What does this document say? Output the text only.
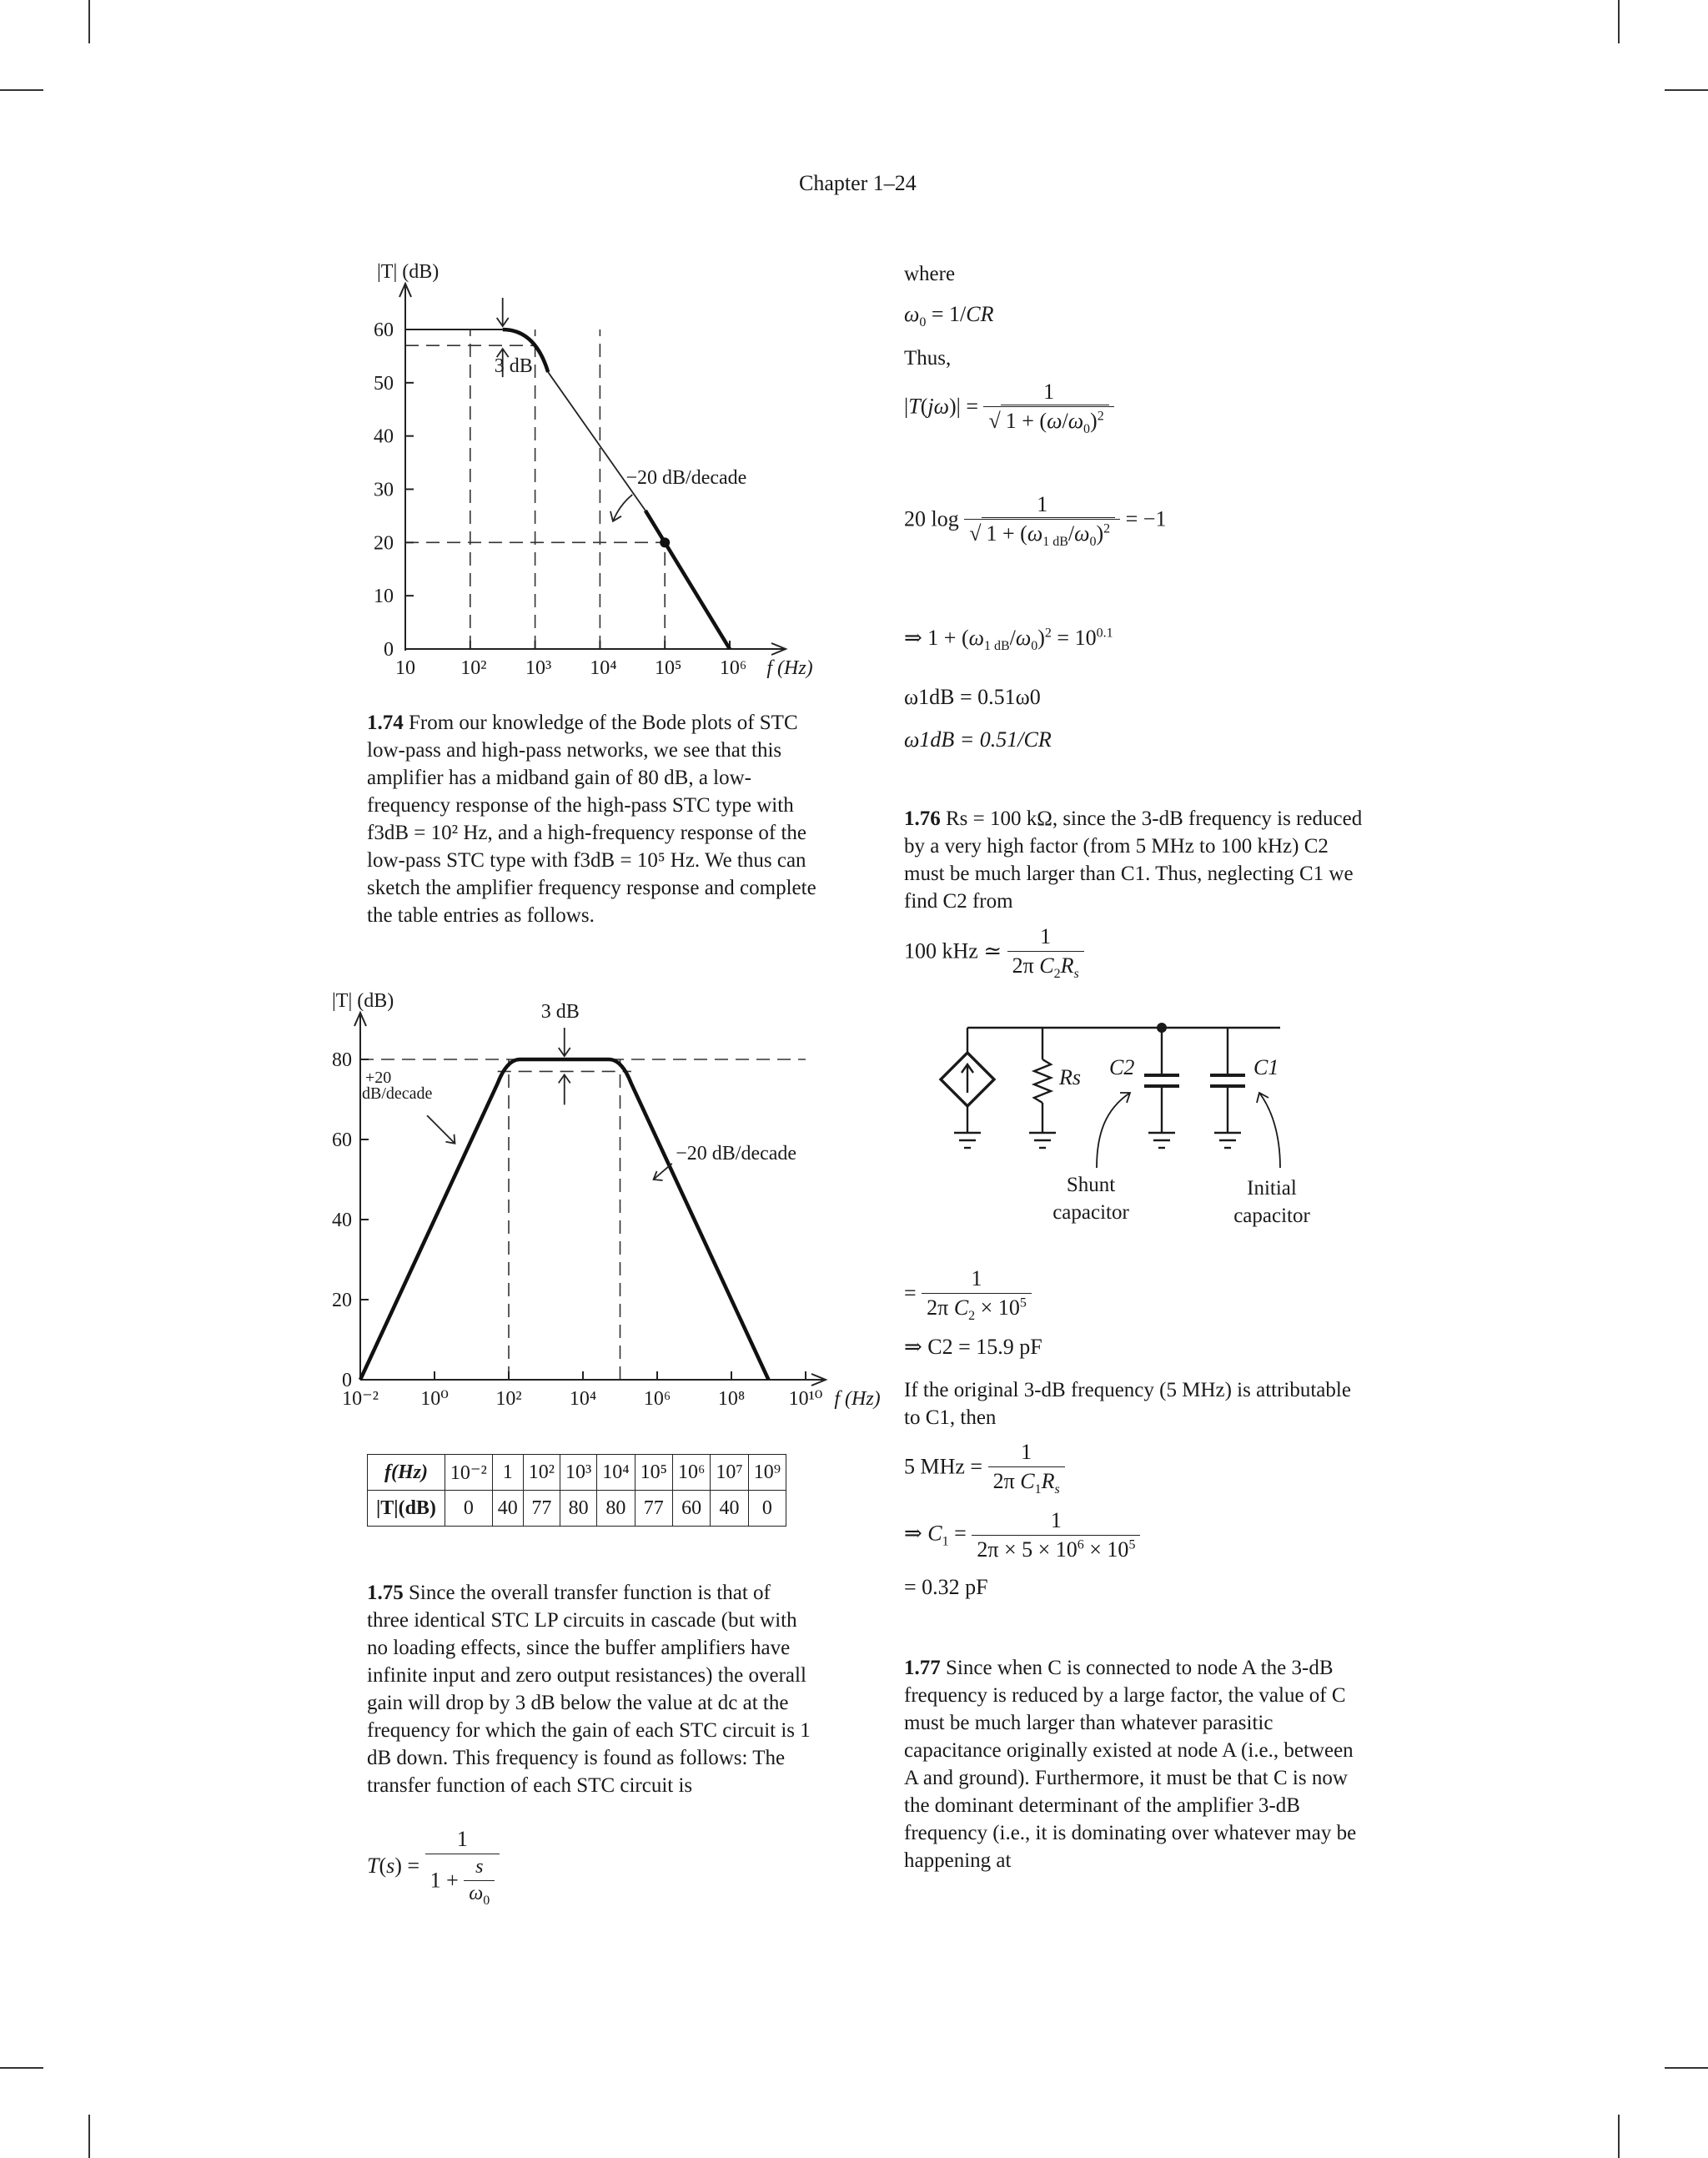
Chapter 1–24
|T| (dB)
0
10
20
30
40
50
60
10 10² 10³ 10⁴ 10⁵ 10⁶ f (Hz)
3 dB
−20 dB/decade
1.74 From our knowledge of the Bode plots of STC low-pass and high-pass networks, we see that this amplifier has a midband gain of 80 dB, a low-frequency response of the high-pass STC type with f3dB = 10² Hz, and a high-frequency response of the low-pass STC type with f3dB = 10⁵ Hz. We thus can sketch the amplifier frequency response and complete the table entries as follows.
|T| (dB)
0
20
40
60
80
10⁻² 10⁰ 10² 10⁴ 10⁶ 10⁸ 10¹⁰ f (Hz)
3 dB
+20
dB/decade
−20 dB/decade
f(Hz)	10⁻²	1	10²	10³	10⁴	10⁵	10⁶	10⁷	10⁹
|T|(dB)	0	40	77	80	80	77	60	40	0
1.75 Since the overall transfer function is that of three identical STC LP circuits in cascade (but with no loading effects, since the buffer amplifiers have infinite input and zero output resistances) the overall gain will drop by 3 dB below the value at dc at the frequency for which the gain of each STC circuit is 1 dB down. This frequency is found as follows: The transfer function of each STC circuit is
$T(s) = \frac{1}{1 + \frac{s}{\omega_0}}$
where
$\omega_0 = 1/CR$
Thus,
$|T(j\omega)| = \frac{1}{√ 1 + (\omega/\omega_0)^2}$
20 $\log \frac{1}{√ 1 + (\omega_{1 dB}/\omega_0)^2} = -1$
⇒ $1 + (\omega_{1 dB}/\omega_0)^2 = 10^{0.1}$
ω1dB = 0.51ω0
ω1dB = 0.51/CR
1.76 Rs = 100 kΩ, since the 3-dB frequency is reduced by a very high factor (from 5 MHz to 100 kHz) C2 must be much larger than C1. Thus, neglecting C1 we find C2 from
100 kHz ≃ $\frac{1}{2\pi C_2R_s}$
Rs C2	C1
Shunt
capacitor
Initial
capacitor
= $\frac{1}{2\pi C_2 \times 10^5}$
⇒ C2 = 15.9 pF
If the original 3-dB frequency (5 MHz) is attributable to C1, then
5 MHz = $\frac{1}{2\pi C_1R_s}$
⇒ $C_1 = \frac{1}{2\pi \times 5 \times 10^6 \times 10^5}$
= 0.32 pF
1.77 Since when C is connected to node A the 3-dB frequency is reduced by a large factor, the value of C must be much larger than whatever parasitic capacitance originally existed at node A (i.e., between A and ground). Furthermore, it must be that C is now the dominant determinant of the amplifier 3-dB frequency (i.e., it is dominating over whatever may be happening at
